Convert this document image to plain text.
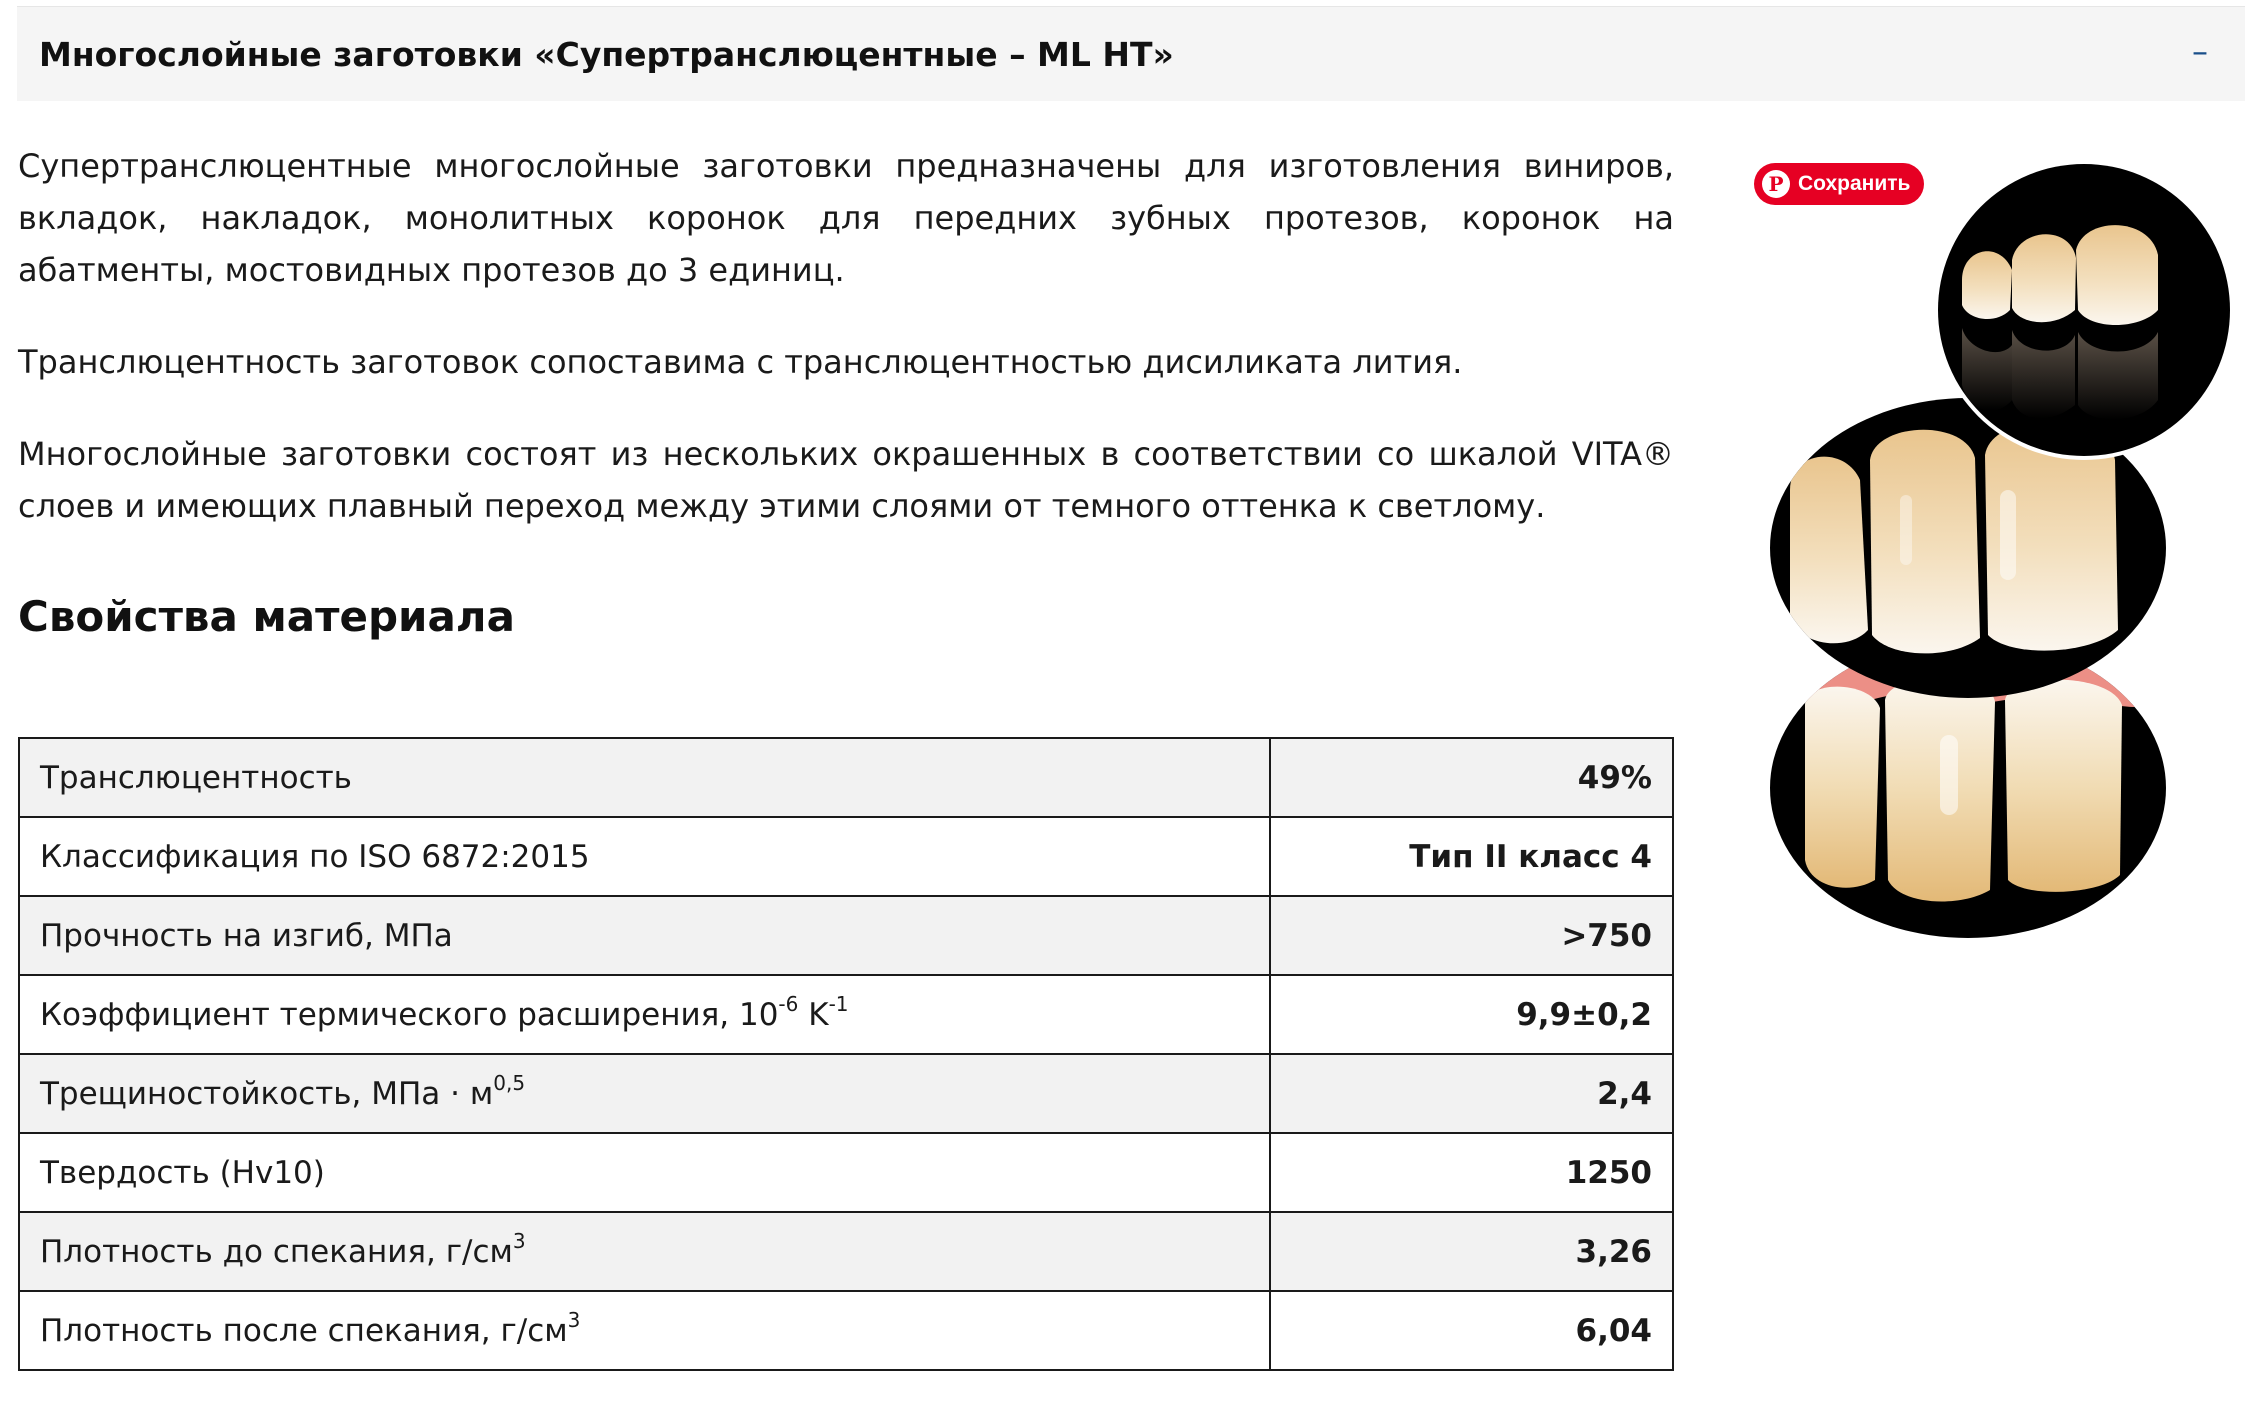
Многослойные заготовки «Супертранслюцентные – ML HT»	–

Супертранслюцентные многослойные заготовки предназначены для изготовления виниров, вкладок, накладок, монолитных коронок для передних зубных протезов, коронок на абатменты, мостовидных протезов до 3 единиц.

Транслюцентность заготовок сопоставима с транслюцентностью дисиликата лития.

Многослойные заготовки состоят из нескольких окрашенных в соответствии со шкалой VITA® слоев и имеющих плавный переход между этими слоями от темного оттенка к светлому.

Свойства материала
Транслюцентность	49%
Классификация по ISO 6872:2015	Тип II класс 4
Прочность на изгиб, МПа	>750
Коэффициент термического расширения, $10^{-6}$ $K^{-1}$	9,9±0,2
Трещиностойкость, МПа · $м^{0,5}$	2,4
Твердость (Hv10)	1250
Плотность до спекания, $г/см^3$	3,26
Плотность после спекания, $г/см^3$	6,04
P Сохранить
